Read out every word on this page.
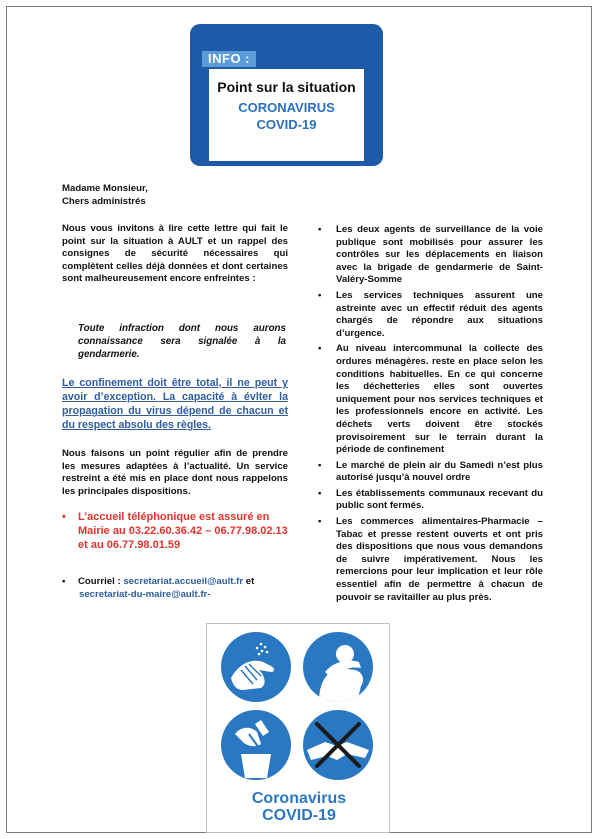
INFO :
Point sur la situation
CORONAVIRUS
COVID-19
Madame Monsieur,
Chers administrés
Nous vous invitons à lire cette lettre qui fait le point sur la situation à AULT et un rappel des consignes de sécurité nécessaires qui complètent celles déjà données et dont certaines sont malheureusement encore enfreintes :
Toute infraction dont nous aurons connaissance sera signalée à la gendarmerie.
Le confinement doit être total, il ne peut y avoir d’exception. La capacité à évlter la propagation du virus dépend de chacun et du respect absolu des règles.
Nous faisons un point régulier afin de prendre les mesures adaptées à l’actualité. Un service restreint a été mis en place dont nous rappelons les principales dispositions.
• L’accueil téléphonique est assuré en Mairie au 03.22.60.36.42 – 06.77.98.02.13 et au 06.77.98.01.59
• Courriel : secretariat.accueil@ault.fr et
secretariat-du-maire@ault.fr-
• Les deux agents de surveillance de la voie publique sont mobilisés pour assurer les contrôles sur les déplacements en liaison avec la brigade de gendarmerie de Saint-Valéry-Somme
• Les services techniques assurent une astreinte avec un effectif réduit des agents chargés de répondre aux situations d’urgence.
• Au niveau intercommunal la collecte des ordures ménagères. reste en place selon les conditions habituelles. En ce qui concerne les déchetteries elles sont ouvertes uniquement pour nos services techniques et les professionnels encore en activité. Les déchets verts doivent être stockés provisoirement sur le terrain durant la période de confinement
• Le marché de plein air du Samedi n’est plus autorisé jusqu’à nouvel ordre
• Les établissements communaux recevant du public sont fermés.
• Les commerces alimentaires-Pharmacie – Tabac et presse restent ouverts et ont pris des dispositions que nous vous demandons de suivre impérativement. Nous les remercions pour leur implication et leur rôle essentiel afin de permettre à chacun de pouvoir se ravitailler au plus près.
Coronavirus
COVID-19
